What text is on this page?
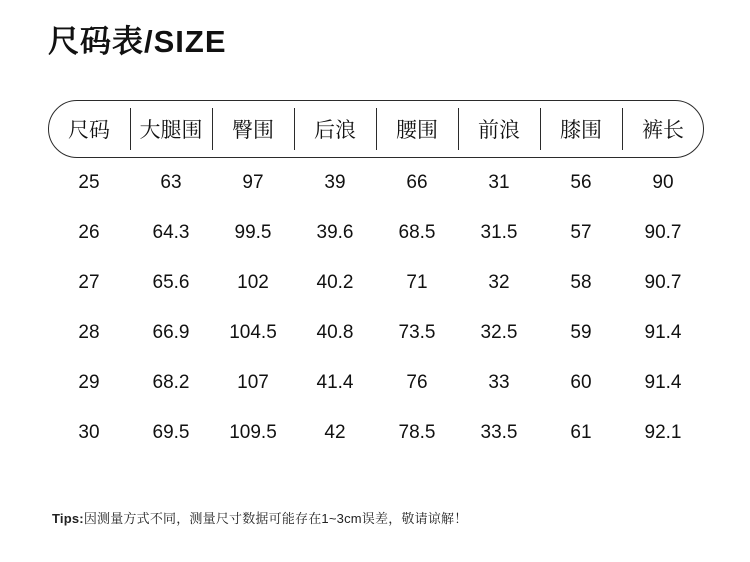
尺码表/SIZE
尺码	大腿围	臀围	后浪	腰围	前浪	膝围	裤长
25	63	97	39	66	31	56	90
26	64.3	99.5	39.6	68.5	31.5	57	90.7
27	65.6	102	40.2	71	32	58	90.7
28	66.9	104.5	40.8	73.5	32.5	59	91.4
29	68.2	107	41.4	76	33	60	91.4
30	69.5	109.5	42	78.5	33.5	61	92.1
Tips:因测量方式不同，测量尺寸数据可能存在1~3cm误差，敬请谅解！
